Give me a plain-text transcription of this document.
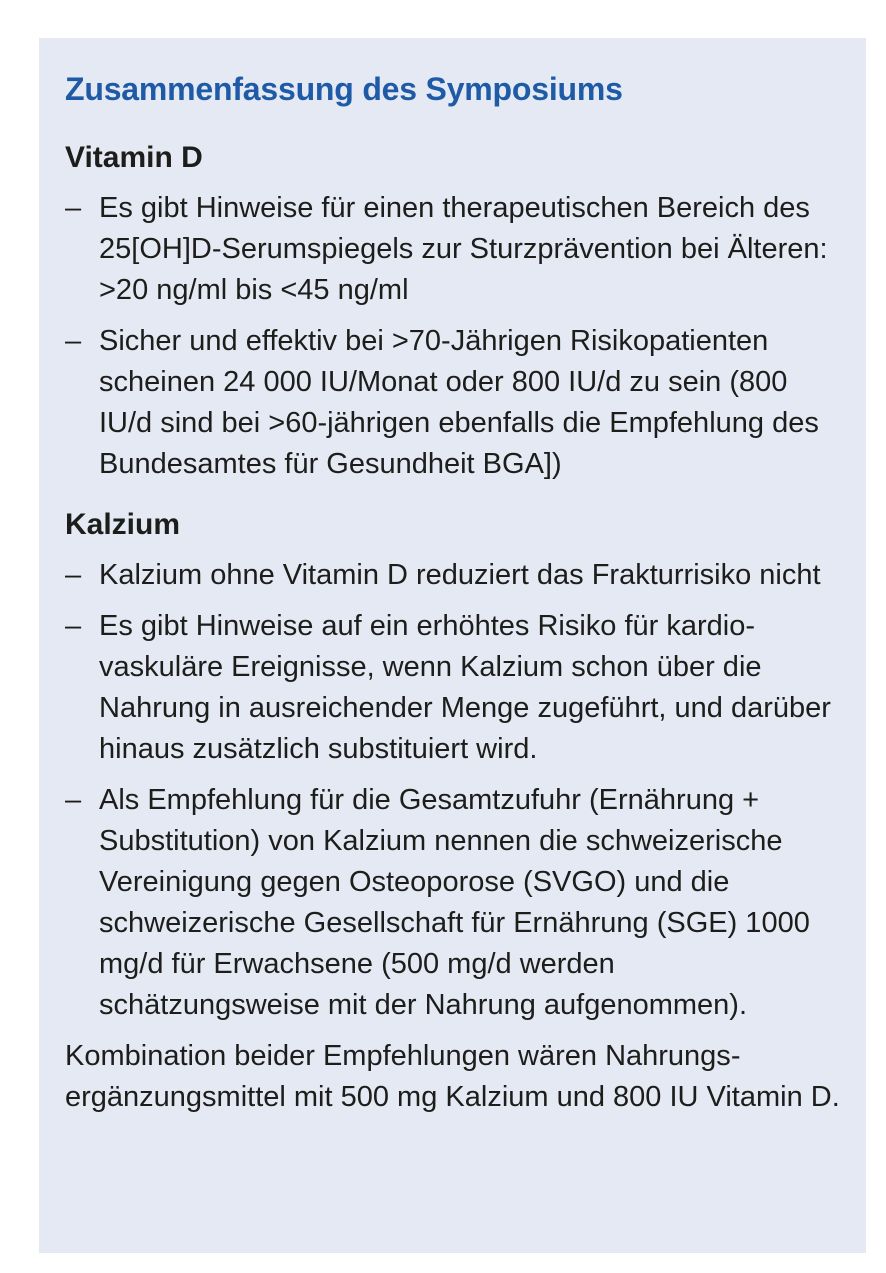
Zusammenfassung des Symposiums
Vitamin D
– Es gibt Hinweise für einen therapeutischen Bereich des 25[OH]D-Serumspiegels zur Sturzprävention bei Älteren: >20 ng/ml bis <45 ng/ml
– Sicher und effektiv bei >70-Jährigen Risikopatienten scheinen 24 000 IU/Monat oder 800 IU/d zu sein (800 IU/d sind bei >60-jährigen ebenfalls die Empfehlung des Bundesamtes für Gesundheit BGA])
Kalzium
– Kalzium ohne Vitamin D reduziert das Frakturrisiko nicht
– Es gibt Hinweise auf ein erhöhtes Risiko für kardiovaskuläre Ereignisse, wenn Kalzium schon über die Nahrung in ausreichender Menge zugeführt, und darüber hinaus zusätzlich substituiert wird.
– Als Empfehlung für die Gesamtzufuhr (Ernährung + Substitution) von Kalzium nennen die schweizerische Vereinigung gegen Osteoporose (SVGO) und die schweizerische Gesellschaft für Ernährung (SGE) 1000 mg/d für Erwachsene (500 mg/d werden schätzungsweise mit der Nahrung aufgenommen).

Kombination beider Empfehlungen wären Nahrungsergänzungsmittel mit 500 mg Kalzium und 800 IU Vitamin D.
